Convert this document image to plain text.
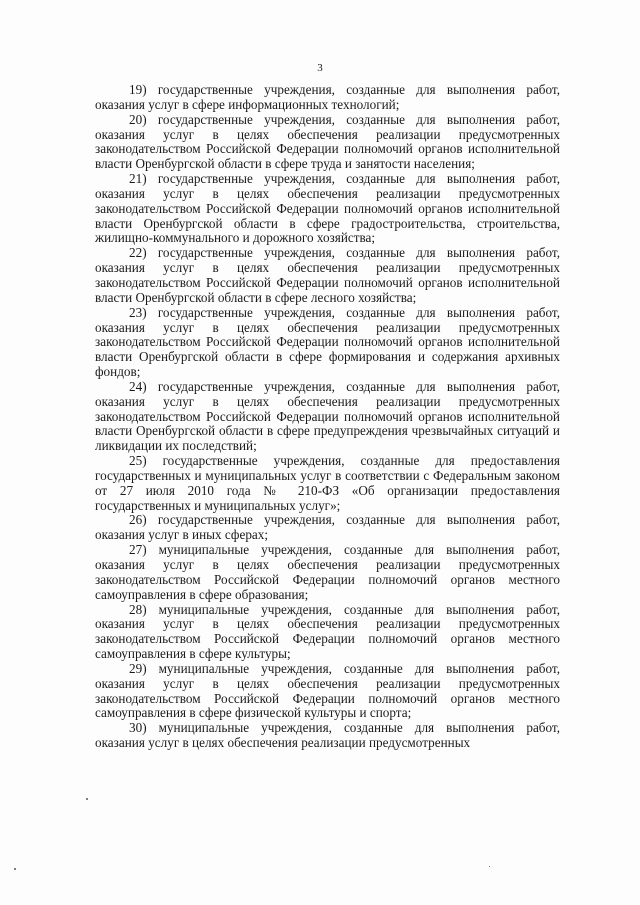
3

19) государственные учреждения, созданные для выполнения работ, оказания услуг в сфере информационных технологий;

20) государственные учреждения, созданные для выполнения работ, оказания услуг в целях обеспечения реализации предусмотренных законодательством Российской Федерации полномочий органов исполнительной власти Оренбургской области в сфере труда и занятости населения;

21) государственные учреждения, созданные для выполнения работ, оказания услуг в целях обеспечения реализации предусмотренных законодательством Российской Федерации полномочий органов исполнительной власти Оренбургской области в сфере градостроительства, строительства, жилищно-коммунального и дорожного хозяйства;

22) государственные учреждения, созданные для выполнения работ, оказания услуг в целях обеспечения реализации предусмотренных законодательством Российской Федерации полномочий органов исполнительной власти Оренбургской области в сфере лесного хозяйства;

23) государственные учреждения, созданные для выполнения работ, оказания услуг в целях обеспечения реализации предусмотренных законодательством Российской Федерации полномочий органов исполнительной власти Оренбургской области в сфере формирования и содержания архивных фондов;

24) государственные учреждения, созданные для выполнения работ, оказания услуг в целях обеспечения реализации предусмотренных законодательством Российской Федерации полномочий органов исполнительной власти Оренбургской области в сфере предупреждения чрезвычайных ситуаций и ликвидации их последствий;

25) государственные учреждения, созданные для предоставления государственных и муниципальных услуг в соответствии с Федеральным законом от 27 июля 2010 года № 210-ФЗ «Об организации предоставления государственных и муниципальных услуг»;

26) государственные учреждения, созданные для выполнения работ, оказания услуг в иных сферах;

27) муниципальные учреждения, созданные для выполнения работ, оказания услуг в целях обеспечения реализации предусмотренных законодательством Российской Федерации полномочий органов местного самоуправления в сфере образования;

28) муниципальные учреждения, созданные для выполнения работ, оказания услуг в целях обеспечения реализации предусмотренных законодательством Российской Федерации полномочий органов местного самоуправления в сфере культуры;

29) муниципальные учреждения, созданные для выполнения работ, оказания услуг в целях обеспечения реализации предусмотренных законодательством Российской Федерации полномочий органов местного самоуправления в сфере физической культуры и спорта;

30) муниципальные учреждения, созданные для выполнения работ, оказания услуг в целях обеспечения реализации предусмотренных
